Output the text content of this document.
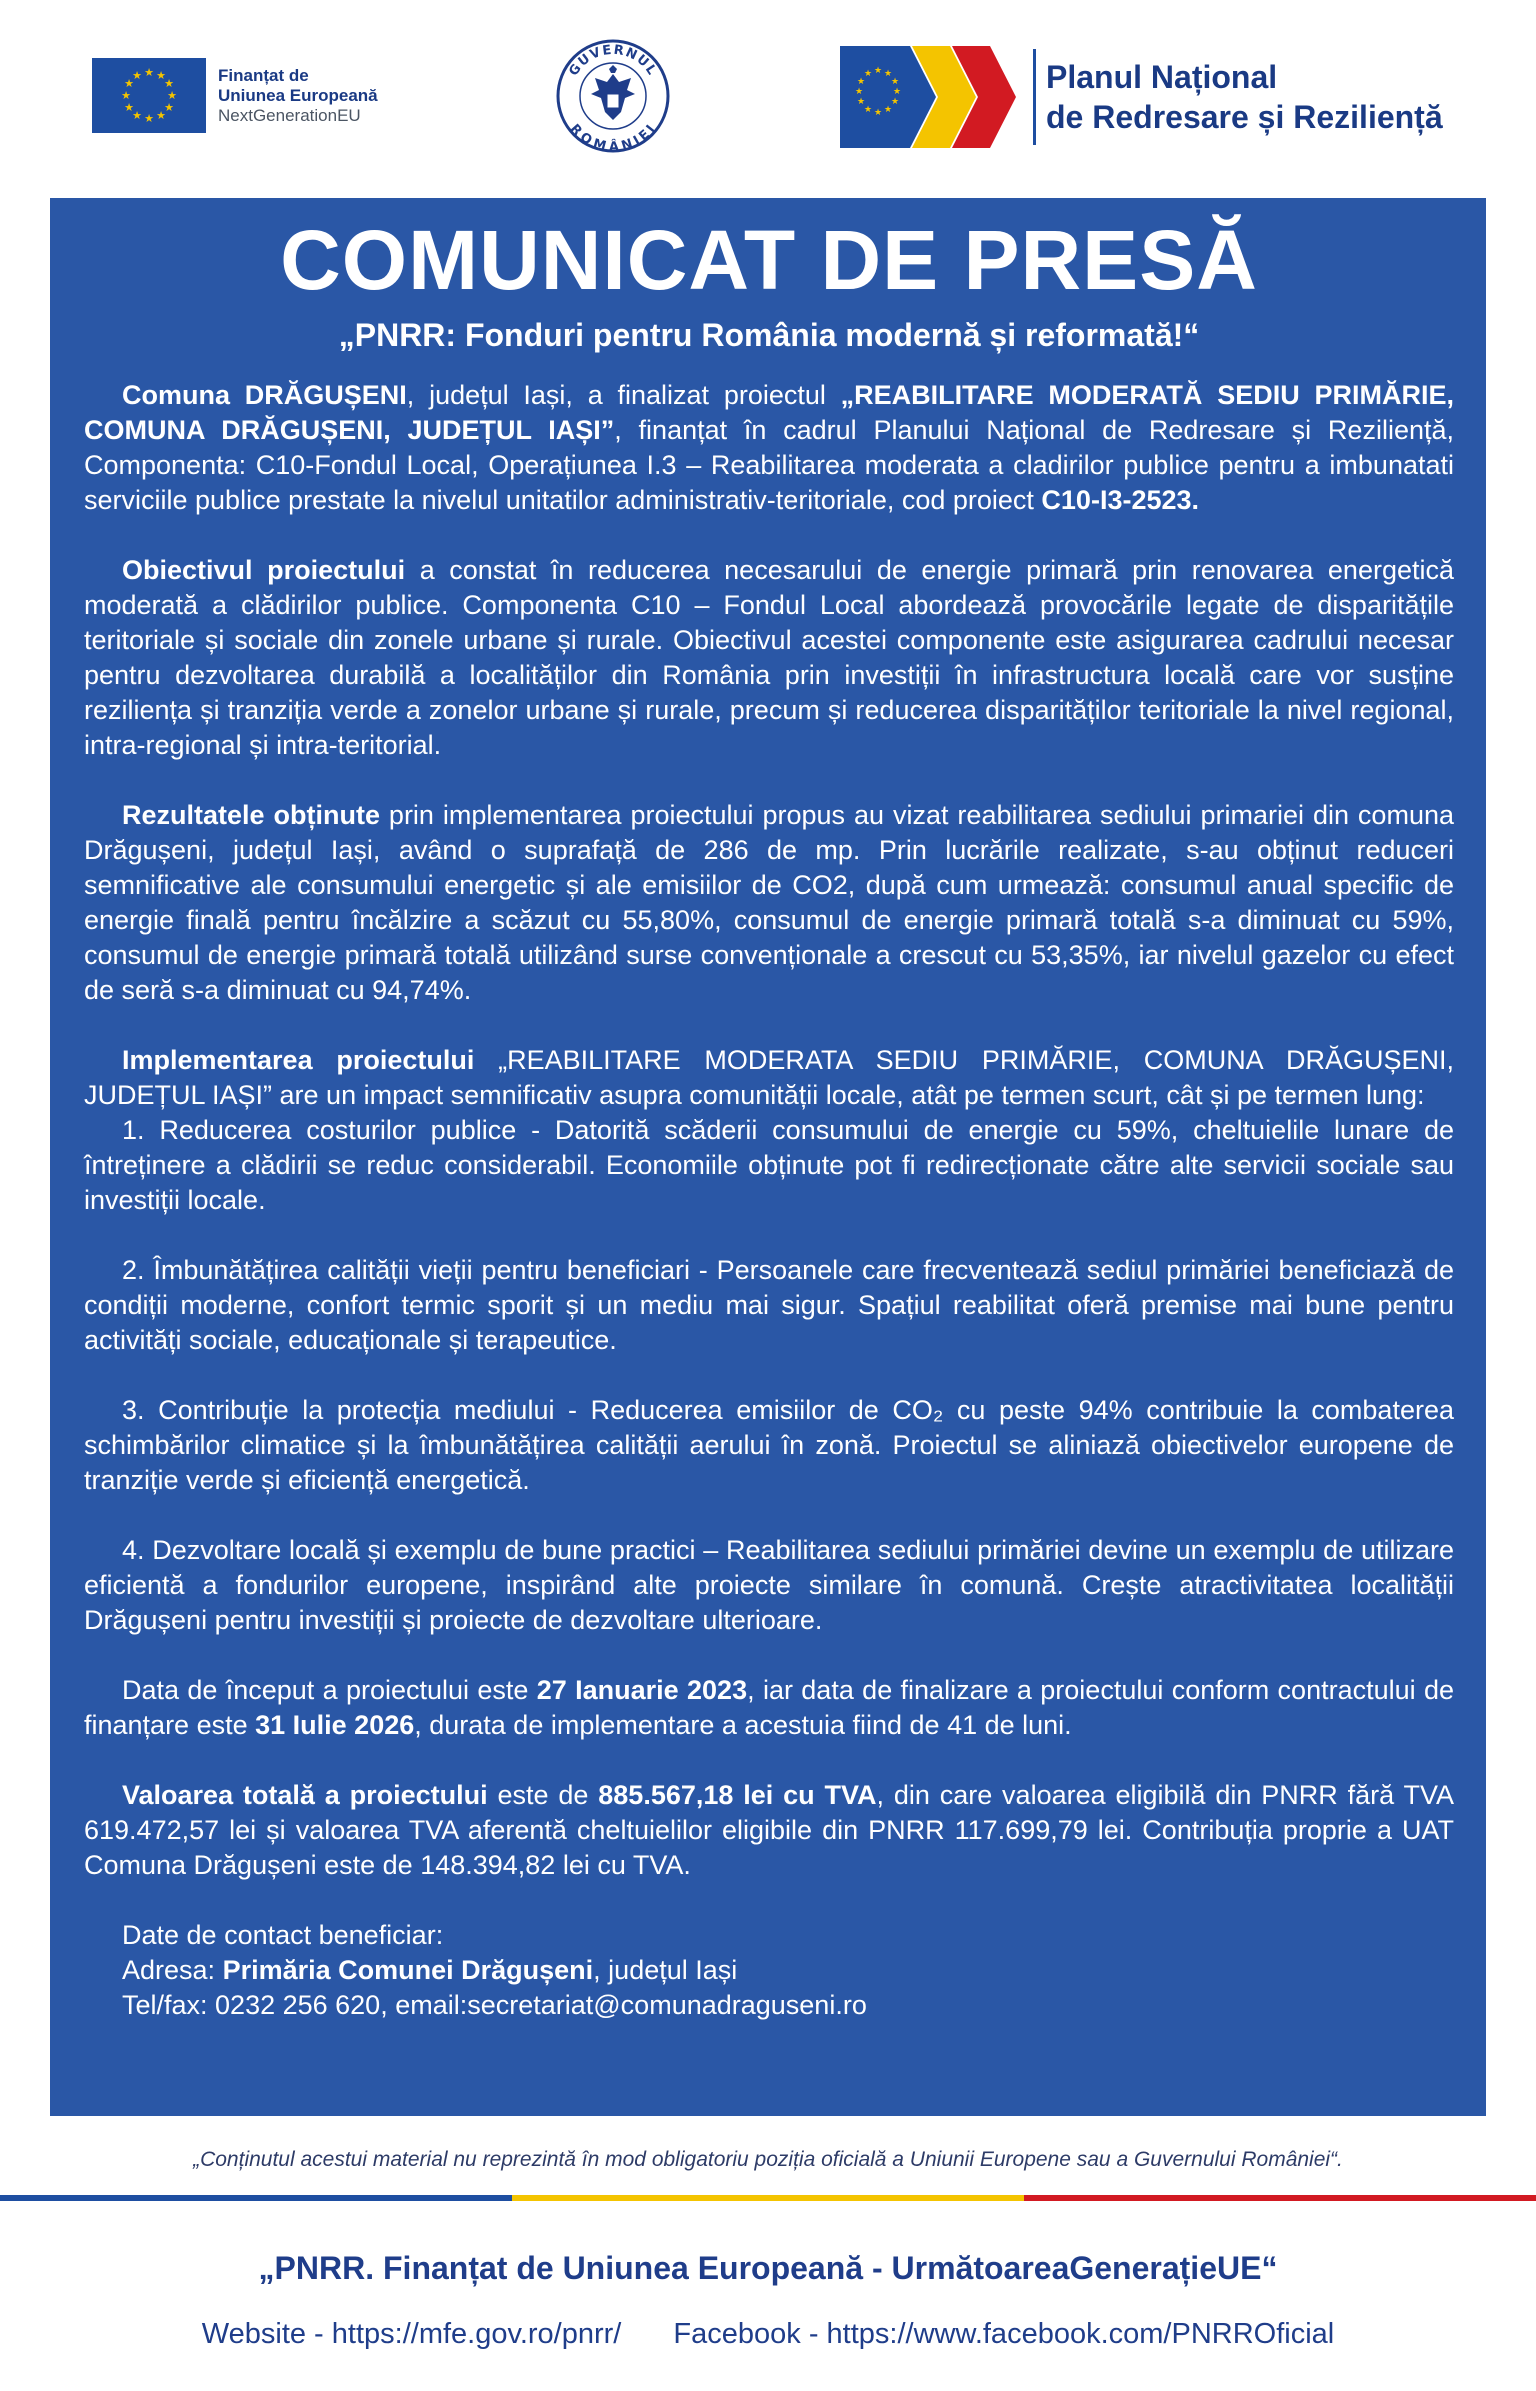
★ ★
★
★
★
★
★
★
★
★
★
★	Finanțat de
Uniunea Europeană
NextGenerationEU
GUVERNUL
ROMÂNIEI
★ ★
★
★
★
★
★
★
★
★
★
★	Planul Național
de Redresare și Reziliență
COMUNICAT DE PRESĂ
„PNRR: Fonduri pentru România modernă și reformată!“

Comuna DRĂGUȘENI, județul Iași, a finalizat proiectul „REABILITARE MODERATĂ SEDIU PRIMĂRIE, COMUNA DRĂGUȘENI, JUDEȚUL IAȘI”, finanțat în cadrul Planului Național de Redresare și Reziliență, Componenta: C10-Fondul Local, Operațiunea I.3 – Reabilitarea moderata a cladirilor publice pentru a imbunatati serviciile publice prestate la nivelul unitatilor administrativ-teritoriale, cod proiect C10-I3-2523.

Obiectivul proiectului a constat în reducerea necesarului de energie primară prin renovarea energetică moderată a clădirilor publice. Componenta C10 – Fondul Local abordează provocările legate de disparitățile teritoriale și sociale din zonele urbane și rurale. Obiectivul acestei componente este asigurarea cadrului necesar pentru dezvoltarea durabilă a localităților din România prin investiții în infrastructura locală care vor susține reziliența și tranziția verde a zonelor urbane și rurale, precum și reducerea disparităților teritoriale la nivel regional, intra-regional și intra-teritorial.

Rezultatele obținute prin implementarea proiectului propus au vizat reabilitarea sediului primariei din comuna Drăgușeni, județul Iași, având o suprafață de 286 de mp. Prin lucrările realizate, s-au obținut reduceri semnificative ale consumului energetic și ale emisiilor de CO2, după cum urmează: consumul anual specific de energie finală pentru încălzire a scăzut cu 55,80%, consumul de energie primară totală s-a diminuat cu 59%, consumul de energie primară totală utilizând surse convenționale a crescut cu 53,35%, iar nivelul gazelor cu efect de seră s-a diminuat cu 94,74%.

Implementarea proiectului „REABILITARE MODERATA SEDIU PRIMĂRIE, COMUNA DRĂGUȘENI, JUDEȚUL IAȘI” are un impact semnificativ asupra comunității locale, atât pe termen scurt, cât și pe termen lung:

1. Reducerea costurilor publice - Datorită scăderii consumului de energie cu 59%, cheltuielile lunare de întreținere a clădirii se reduc considerabil. Economiile obținute pot fi redirecționate către alte servicii sociale sau investiții locale.

2. Îmbunătățirea calității vieții pentru beneficiari - Persoanele care frecventează sediul primăriei beneficiază de condiții moderne, confort termic sporit și un mediu mai sigur. Spațiul reabilitat oferă premise mai bune pentru activități sociale, educaționale și terapeutice.

3. Contribuție la protecția mediului - Reducerea emisiilor de CO₂ cu peste 94% contribuie la combaterea schimbărilor climatice și la îmbunătățirea calității aerului în zonă. Proiectul se aliniază obiectivelor europene de tranziție verde și eficiență energetică.

4. Dezvoltare locală și exemplu de bune practici – Reabilitarea sediului primăriei devine un exemplu de utilizare eficientă a fondurilor europene, inspirând alte proiecte similare în comună. Crește atractivitatea localității Drăgușeni pentru investiții și proiecte de dezvoltare ulterioare.

Data de început a proiectului este 27 Ianuarie 2023, iar data de finalizare a proiectului conform contractului de finanțare este 31 Iulie 2026, durata de implementare a acestuia fiind de 41 de luni.

Valoarea totală a proiectului este de 885.567,18 lei cu TVA, din care valoarea eligibilă din PNRR fără TVA 619.472,57 lei și valoarea TVA aferentă cheltuielilor eligibile din PNRR 117.699,79 lei. Contribuția proprie a UAT Comuna Drăgușeni este de 148.394,82 lei cu TVA.

Date de contact beneficiar:
Adresa: Primăria Comunei Drăgușeni, județul Iași
Tel/fax: 0232 256 620, email:secretariat@comunadraguseni.ro
„Conținutul acestui material nu reprezintă în mod obligatoriu poziția oficială a Uniunii Europene sau a Guvernului României“.
„PNRR. Finanțat de Uniunea Europeană - UrmătoareaGenerațieUE“
Website - https://mfe.gov.ro/pnrr/ Facebook - https://www.facebook.com/PNRROficial
